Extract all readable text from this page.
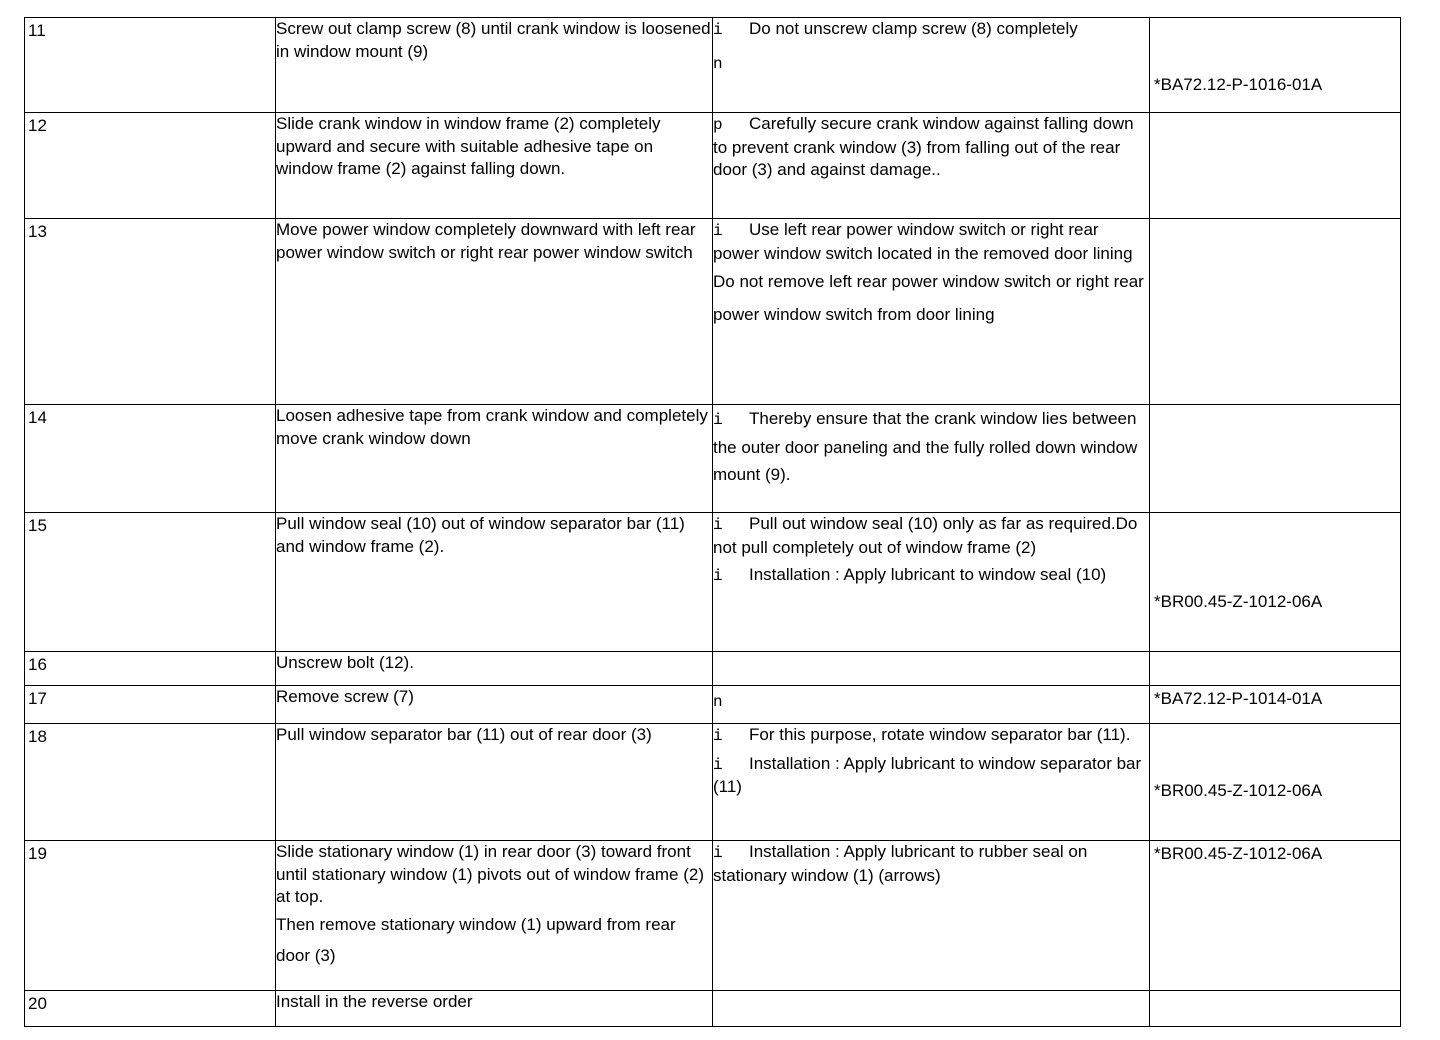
11	Screw out clamp screw (8) until crank window is loosened in window mount (9)	i Do not unscrew clamp screw (8) completely
n	*BA72.12-P-1016-01A

12	Slide crank window in window frame (2) completely upward and secure with suitable adhesive tape on window frame (2) against falling down.	p Carefully secure crank window against falling down to prevent crank window (3) from falling out of the rear door (3) and against damage..	

13	Move power window completely downward with left rear power window switch or right rear power window switch	i Use left rear power window switch or right rear power window switch located in the removed door lining
Do not remove left rear power window switch or right rear power window switch from door lining	

14	Loosen adhesive tape from crank window and completely move crank window down	i Thereby ensure that the crank window lies between the outer door paneling and the fully rolled down window mount (9).	

15	Pull window seal (10) out of window separator bar (11) and window frame (2).	i Pull out window seal (10) only as far as required.Do not pull completely out of window frame (2)
i Installation : Apply lubricant to window seal (10)	*BR00.45-Z-1012-06A

16	Unscrew bolt (12).		

17	Remove screw (7)	n	*BA72.12-P-1014-01A

18	Pull window separator bar (11) out of rear door (3)	i For this purpose, rotate window separator bar (11).
i Installation : Apply lubricant to window separator bar (11)	*BR00.45-Z-1012-06A

19	Slide stationary window (1) in rear door (3) toward front until stationary window (1) pivots out of window frame (2) at top.
Then remove stationary window (1) upward from rear door (3)	i Installation : Apply lubricant to rubber seal on stationary window (1) (arrows)	*BR00.45-Z-1012-06A

20	Install in the reverse order		
